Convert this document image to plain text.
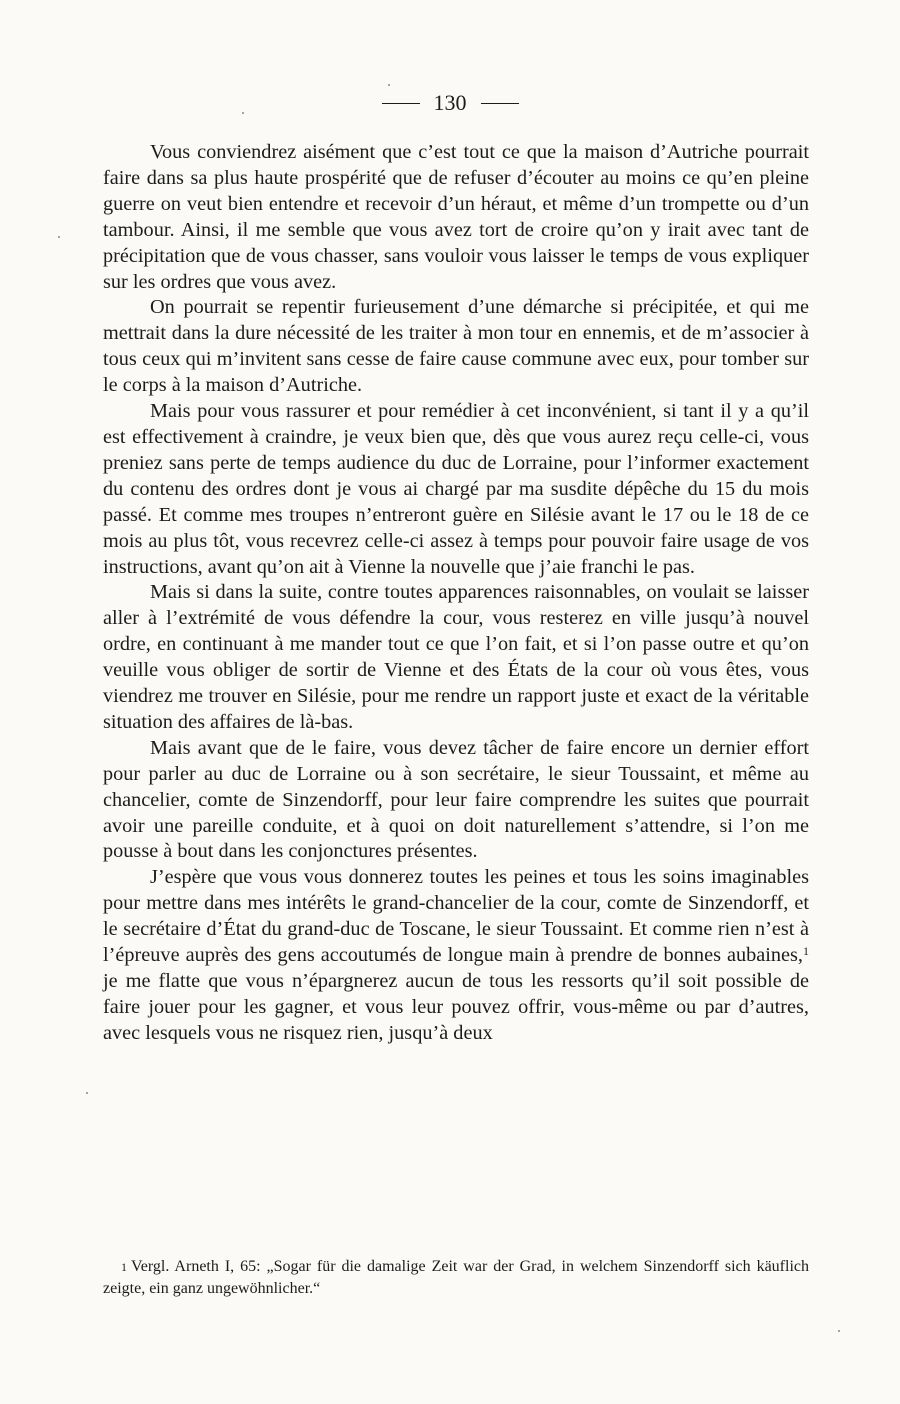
130

Vous conviendrez aisément que c’est tout ce que la maison d’Autriche pourrait faire dans sa plus haute prospérité que de refuser d’écouter au moins ce qu’en pleine guerre on veut bien entendre et recevoir d’un héraut, et même d’un trompette ou d’un tambour. Ainsi, il me semble que vous avez tort de croire qu’on y irait avec tant de précipitation que de vous chasser, sans vouloir vous laisser le temps de vous expliquer sur les ordres que vous avez.

On pourrait se repentir furieusement d’une démarche si précipitée, et qui me mettrait dans la dure nécessité de les traiter à mon tour en ennemis, et de m’associer à tous ceux qui m’invitent sans cesse de faire cause commune avec eux, pour tomber sur le corps à la maison d’Autriche.

Mais pour vous rassurer et pour remédier à cet inconvénient, si tant il y a qu’il est effectivement à craindre, je veux bien que, dès que vous aurez reçu celle-ci, vous preniez sans perte de temps audience du duc de Lorraine, pour l’informer exactement du contenu des ordres dont je vous ai chargé par ma susdite dépêche du 15 du mois passé. Et comme mes troupes n’entreront guère en Silésie avant le 17 ou le 18 de ce mois au plus tôt, vous recevrez celle-ci assez à temps pour pouvoir faire usage de vos instructions, avant qu’on ait à Vienne la nouvelle que j’aie franchi le pas.

Mais si dans la suite, contre toutes apparences raisonnables, on voulait se laisser aller à l’extrémité de vous défendre la cour, vous resterez en ville jusqu’à nouvel ordre, en continuant à me mander tout ce que l’on fait, et si l’on passe outre et qu’on veuille vous obliger de sortir de Vienne et des États de la cour où vous êtes, vous viendrez me trouver en Silésie, pour me rendre un rapport juste et exact de la véritable situation des affaires de là-bas.

Mais avant que de le faire, vous devez tâcher de faire encore un dernier effort pour parler au duc de Lorraine ou à son secrétaire, le sieur Toussaint, et même au chancelier, comte de Sinzendorff, pour leur faire comprendre les suites que pourrait avoir une pareille conduite, et à quoi on doit naturellement s’attendre, si l’on me pousse à bout dans les conjonctures présentes.

J’espère que vous vous donnerez toutes les peines et tous les soins imaginables pour mettre dans mes intérêts le grand-chancelier de la cour, comte de Sinzendorff, et le secrétaire d’État du grand-duc de Toscane, le sieur Toussaint. Et comme rien n’est à l’épreuve auprès des gens accoutumés de longue main à prendre de bonnes aubaines,$^1$ je me flatte que vous n’épargnerez aucun de tous les ressorts qu’il soit possible de faire jouer pour les gagner, et vous leur pouvez offrir, vous-même ou par d’autres, avec lesquels vous ne risquez rien, jusqu’à deux

1 Vergl. Arneth I, 65: „Sogar für die damalige Zeit war der Grad, in welchem Sinzendorff sich käuflich zeigte, ein ganz ungewöhnlicher.“
